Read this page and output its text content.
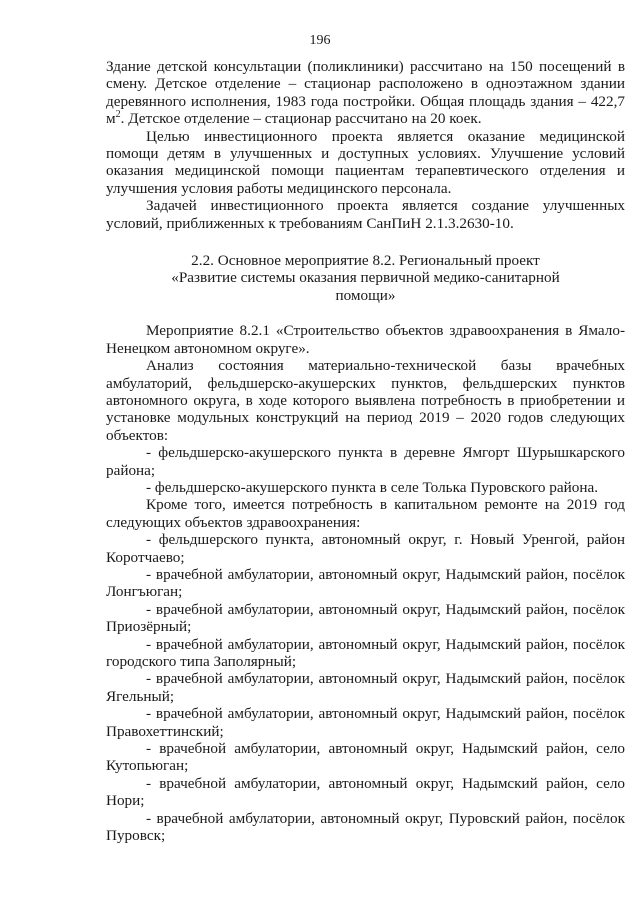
196

Здание детской консультации (поликлиники) рассчитано на 150 посещений в смену. Детское отделение – стационар расположено в одноэтажном здании деревянного исполнения, 1983 года постройки. Общая площадь здания – 422,7 $м^2$. Детское отделение – стационар рассчитано на 20 коек.

Целью инвестиционного проекта является оказание медицинской помощи детям в улучшенных и доступных условиях. Улучшение условий оказания медицинской помощи пациентам терапевтического отделения и улучшения условия работы медицинского персонала.

Задачей инвестиционного проекта является создание улучшенных условий, приближенных к требованиям СанПиН 2.1.3.2630-10.

2.2. Основное мероприятие 8.2. Региональный проект
«Развитие системы оказания первичной медико-санитарной
помощи»

Мероприятие 8.2.1 «Строительство объектов здравоохранения в Ямало-Ненецком автономном округе».

Анализ состояния материально-технической базы врачебных амбулаторий, фельдшерско-акушерских пунктов, фельдшерских пунктов автономного округа, в ходе которого выявлена потребность в приобретении и установке модульных конструкций на период 2019 – 2020 годов следующих объектов:

- фельдшерско-акушерского пункта в деревне Ямгорт Шурышкарского района;

- фельдшерско-акушерского пункта в селе Толька Пуровского района.

Кроме того, имеется потребность в капитальном ремонте на 2019 год следующих объектов здравоохранения:

- фельдшерского пункта, автономный округ, г. Новый Уренгой, район Коротчаево;

- врачебной амбулатории, автономный округ, Надымский район, посёлок Лонгъюган;

- врачебной амбулатории, автономный округ, Надымский район, посёлок Приозёрный;

- врачебной амбулатории, автономный округ, Надымский район, посёлок городского типа Заполярный;

- врачебной амбулатории, автономный округ, Надымский район, посёлок Ягельный;

- врачебной амбулатории, автономный округ, Надымский район, посёлок Правохеттинский;

- врачебной амбулатории, автономный округ, Надымский район, село Кутопьюган;

- врачебной амбулатории, автономный округ, Надымский район, село Нори;

- врачебной амбулатории, автономный округ, Пуровский район, посёлок Пуровск;
